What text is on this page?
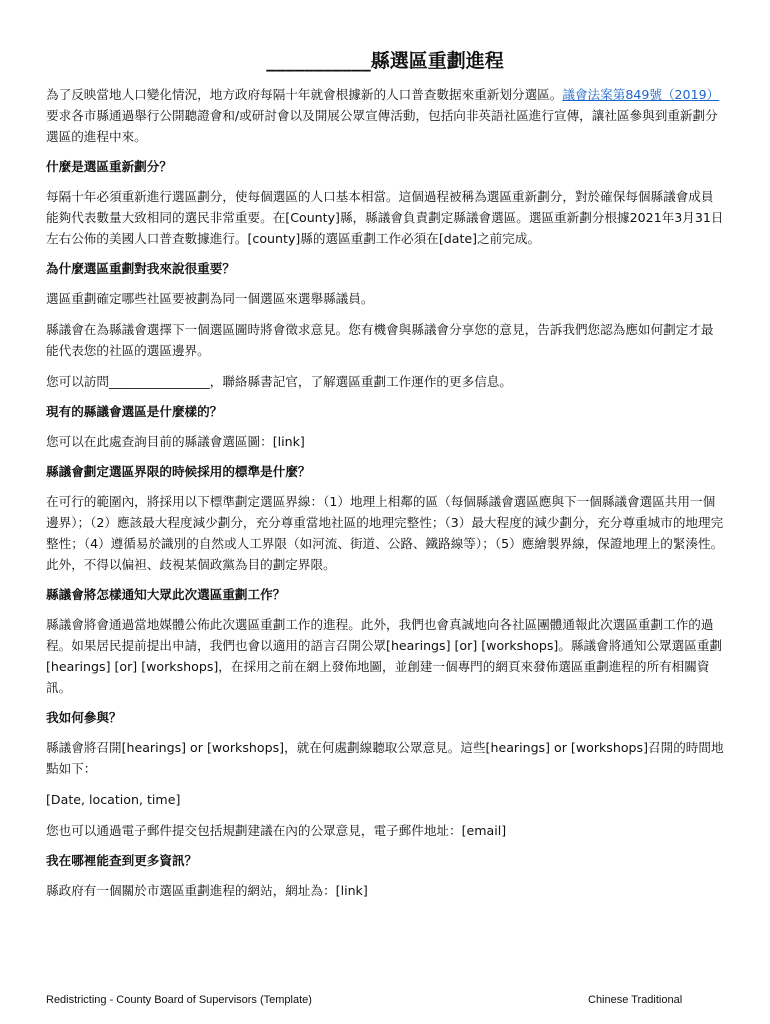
___________縣選區重劃進程

為了反映當地人口變化情況，地方政府每隔十年就會根據新的人口普查數据來重新划分選區。議會法案第849號（2019）要求各市縣通過舉行公開聽證會和/或研討會以及開展公眾宣傳活動，包括向非英語社區進行宣傳，讓社區參與到重新劃分選區的進程中來。

什麼是選區重新劃分？

每隔十年必須重新進行選區劃分，使每個選區的人口基本相當。這個過程被稱為選區重新劃分，對於確保每個縣議會成員能夠代表數量大致相同的選民非常重要。在[County]縣，縣議會負責劃定縣議會選區。選區重新劃分根據2021年3月31日左右公佈的美國人口普查數據進行。[county]縣的選區重劃工作必須在[date]之前完成。

為什麼選區重劃對我來說很重要？

選區重劃確定哪些社區要被劃為同一個選區來選舉縣議員。

縣議會在為縣議會選擇下一個選區圖時將會徵求意見。您有機會與縣議會分享您的意見，告訴我們您認為應如何劃定才最能代表您的社區的選區邊界。

您可以訪問________________，聯絡縣書記官，了解選區重劃工作運作的更多信息。

現有的縣議會選區是什麼樣的？

您可以在此處查詢目前的縣議會選區圖：[link]

縣議會劃定選區界限的時候採用的標準是什麼？

在可行的範圍內，將採用以下標準劃定選區界線：（1）地理上相鄰的區（每個縣議會選區應與下一個縣議會選區共用一個邊界）；（2）應該最大程度減少劃分，充分尊重當地社區的地理完整性；（3）最大程度的減少劃分，充分尊重城市的地理完整性；（4）遵循易於識別的自然或人工界限（如河流、街道、公路、鐵路線等）；（5）應繪製界線，保證地理上的緊湊性。此外，不得以偏袒、歧視某個政黨為目的劃定界限。

縣議會將怎樣通知大眾此次選區重劃工作？

縣議會將會通過當地媒體公佈此次選區重劃工作的進程。此外，我們也會真誠地向各社區團體通報此次選區重劃工作的過程。如果居民提前提出申請，我們也會以適用的語言召開公眾[hearings] [or] [workshops]。縣議會將通知公眾選區重劃[hearings] [or] [workshops]，在採用之前在網上發佈地圖，並創建一個專門的網頁來發佈選區重劃進程的所有相關資訊。

我如何參與？

縣議會將召開[hearings] or [workshops]，就在何處劃線聽取公眾意見。這些[hearings] or [workshops]召開的時間地點如下：

[Date, location, time]

您也可以通過電子郵件提交包括規劃建議在內的公眾意見，電子郵件地址：[email]

我在哪裡能查到更多資訊？

縣政府有一個關於市選區重劃進程的網站，網址為：[link]

Redistricting - County Board of Supervisors (Template)	Chinese Traditional
